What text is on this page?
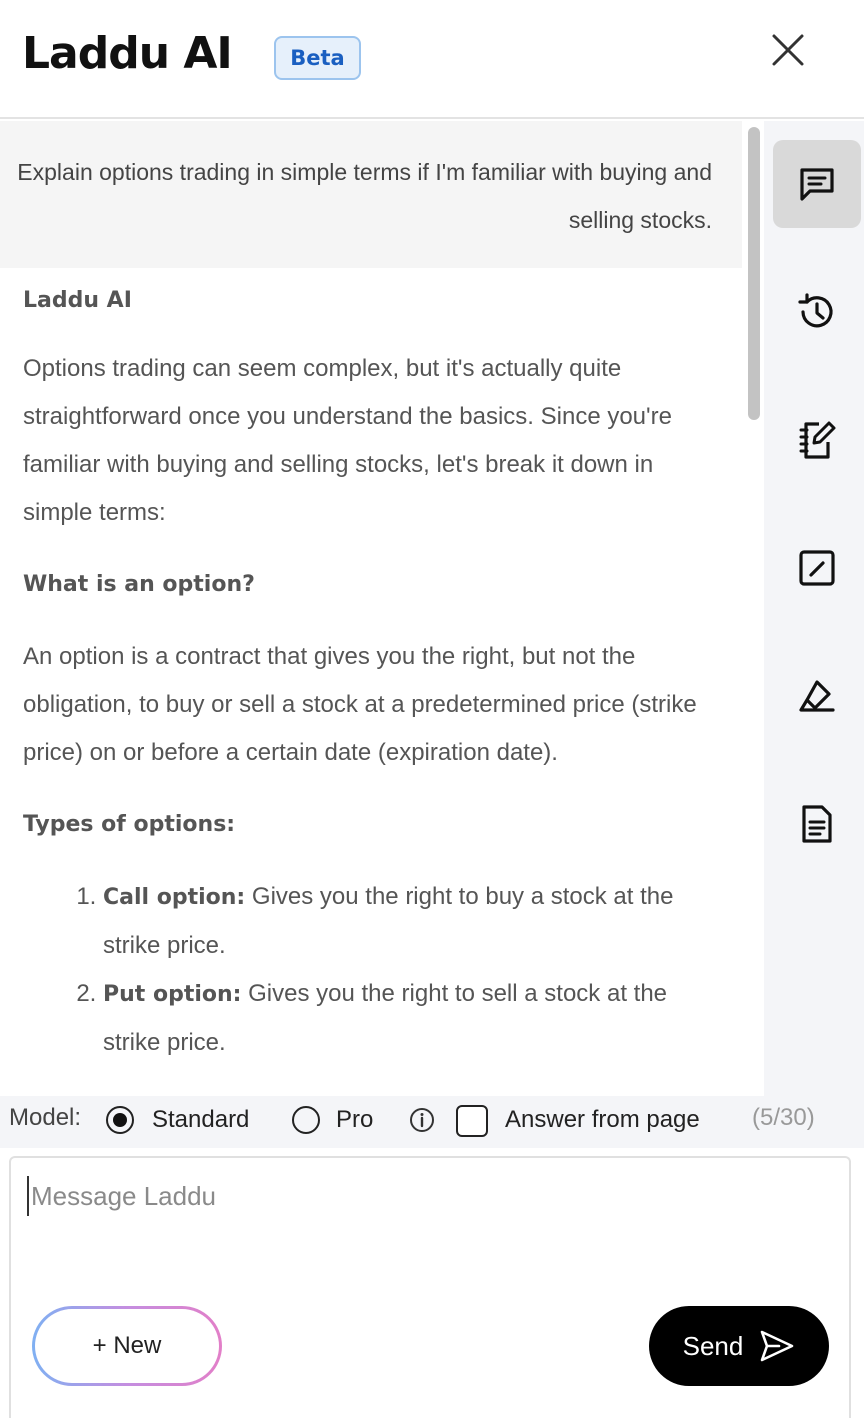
Laddu AI	Beta

Explain options trading in simple terms if I'm familiar with buying and selling stocks.

Laddu AI
Options trading can seem complex, but it's actually quite straightforward once you understand the basics. Since you're familiar with buying and selling stocks, let's break it down in simple terms:
What is an option?
An option is a contract that gives you the right, but not the obligation, to buy or sell a stock at a predetermined price (strike price) on or before a certain date (expiration date).
Types of options:
1. Call option: Gives you the right to buy a stock at the strike price.
2. Put option: Gives you the right to sell a stock at the strike price.
Model:	Standard	Pro	Answer from page (5/30)
Message Laddu
+ New	Send
